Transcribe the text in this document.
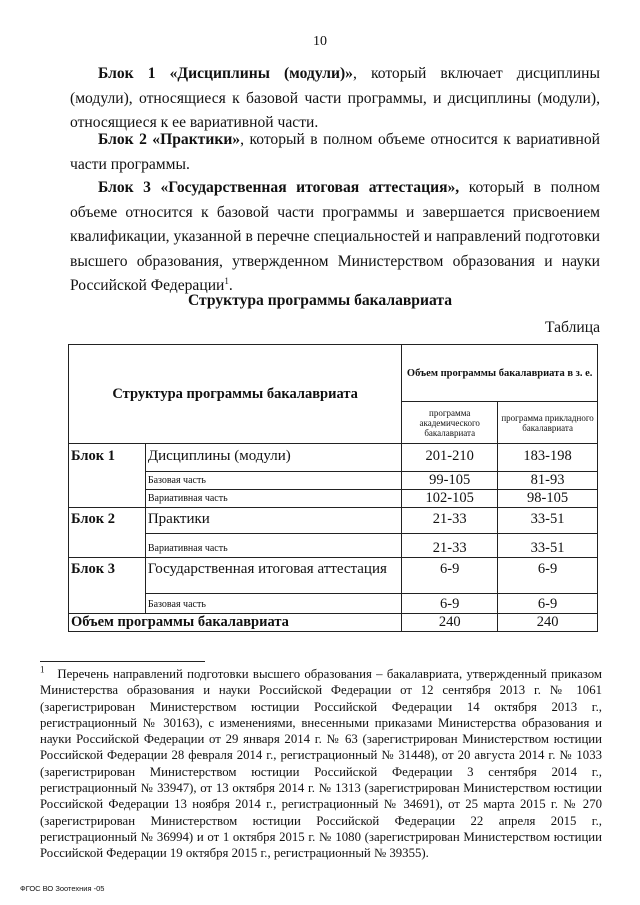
10
Блок 1 «Дисциплины (модули)», который включает дисциплины (модули), относящиеся к базовой части программы, и дисциплины (модули), относящиеся к ее вариативной части.
Блок 2 «Практики», который в полном объеме относится к вариативной части программы.
Блок 3 «Государственная итоговая аттестация», который в полном объеме относится к базовой части программы и завершается присвоением квалификации, указанной в перечне специальностей и направлений подготовки высшего образования, утвержденном Министерством образования и науки Российской Федерации$^1$.
Структура программы бакалавриата
Таблица
Структура программы бакалавриата		Объем программы бакалавриата в з. е.	
		программа академического бакалавриата	программа прикладного бакалавриата
Блок 1	Дисциплины (модули)	201-210	183-198
	Базовая часть	99-105	81-93
	Вариативная часть	102-105	98-105
Блок 2	Практики	21-33	33-51
	Вариативная часть	21-33	33-51
Блок 3	Государственная итоговая аттестация	6-9	6-9
	Базовая часть	6-9	6-9
Объем программы бакалавриата		240	240
$^1$ Перечень направлений подготовки высшего образования – бакалавриата, утвержденный приказом Министерства образования и науки Российской Федерации от 12 сентября 2013 г. № 1061 (зарегистрирован Министерством юстиции Российской Федерации 14 октября 2013 г., регистрационный № 30163), с изменениями, внесенными приказами Министерства образования и науки Российской Федерации от 29 января 2014 г. № 63 (зарегистрирован Министерством юстиции Российской Федерации 28 февраля 2014 г., регистрационный № 31448), от 20 августа 2014 г. № 1033 (зарегистрирован Министерством юстиции Российской Федерации 3 сентября 2014 г., регистрационный № 33947), от 13 октября 2014 г. № 1313 (зарегистрирован Министерством юстиции Российской Федерации 13 ноября 2014 г., регистрационный № 34691), от 25 марта 2015 г. № 270 (зарегистрирован Министерством юстиции Российской Федерации 22 апреля 2015 г., регистрационный № 36994) и от 1 октября 2015 г. № 1080 (зарегистрирован Министерством юстиции Российской Федерации 19 октября 2015 г., регистрационный № 39355).
ФГОС ВО Зоотехния -05
